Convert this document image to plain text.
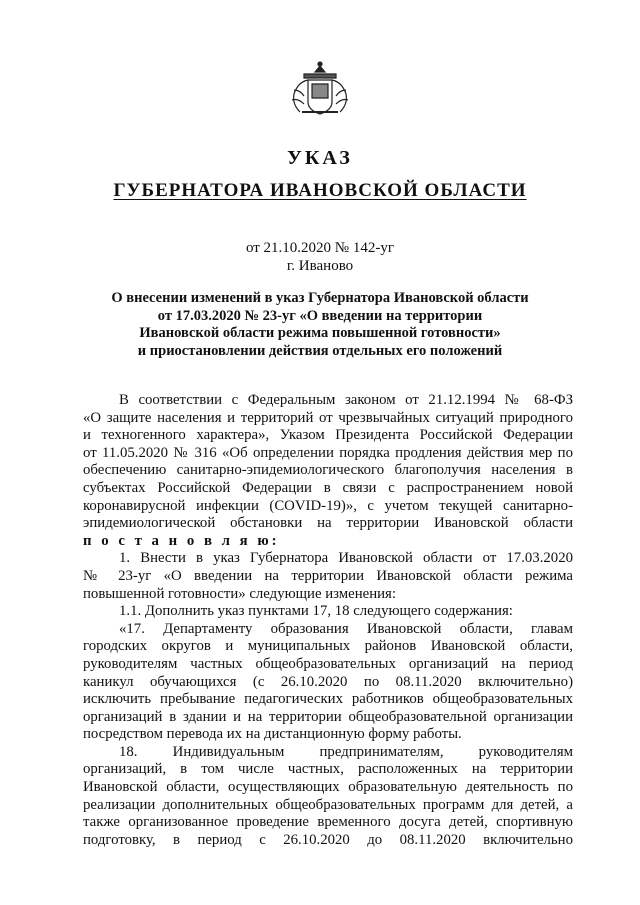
УКАЗ
ГУБЕРНАТОРА ИВАНОВСКОЙ ОБЛАСТИ
от 21.10.2020 № 142-уг
г. Иваново
О внесении изменений в указ Губернатора Ивановской области
от 17.03.2020 № 23-уг «О введении на территории
Ивановской области режима повышенной готовности»
и приостановлении действия отдельных его положений
В соответствии с Федеральным законом от 21.12.1994 № 68-ФЗ
«О защите населения и территорий от чрезвычайных ситуаций природного
и техногенного характера», Указом Президента Российской Федерации
от 11.05.2020 № 316 «Об определении порядка продления действия мер по
обеспечению санитарно-эпидемиологического благополучия населения в
субъектах Российской Федерации в связи с распространением новой
коронавирусной инфекции (COVID-19)», с учетом текущей санитарно-
эпидемиологической обстановки на территории Ивановской области
п о с т а н о в л я ю:
1. Внести в указ Губернатора Ивановской области от 17.03.2020
№ 23-уг «О введении на территории Ивановской области режима
повышенной готовности» следующие изменения:
1.1. Дополнить указ пунктами 17, 18 следующего содержания:
«17. Департаменту образования Ивановской области, главам
городских округов и муниципальных районов Ивановской области,
руководителям частных общеобразовательных организаций на период
каникул обучающихся (с 26.10.2020 по 08.11.2020 включительно)
исключить пребывание педагогических работников общеобразовательных
организаций в здании и на территории общеобразовательной организации
посредством перевода их на дистанционную форму работы.
18. Индивидуальным предпринимателям, руководителям
организаций, в том числе частных, расположенных на территории
Ивановской области, осуществляющих образовательную деятельность по
реализации дополнительных общеобразовательных программ для детей, а
также организованное проведение временного досуга детей, спортивную
подготовку, в период с 26.10.2020 до 08.11.2020 включительно
